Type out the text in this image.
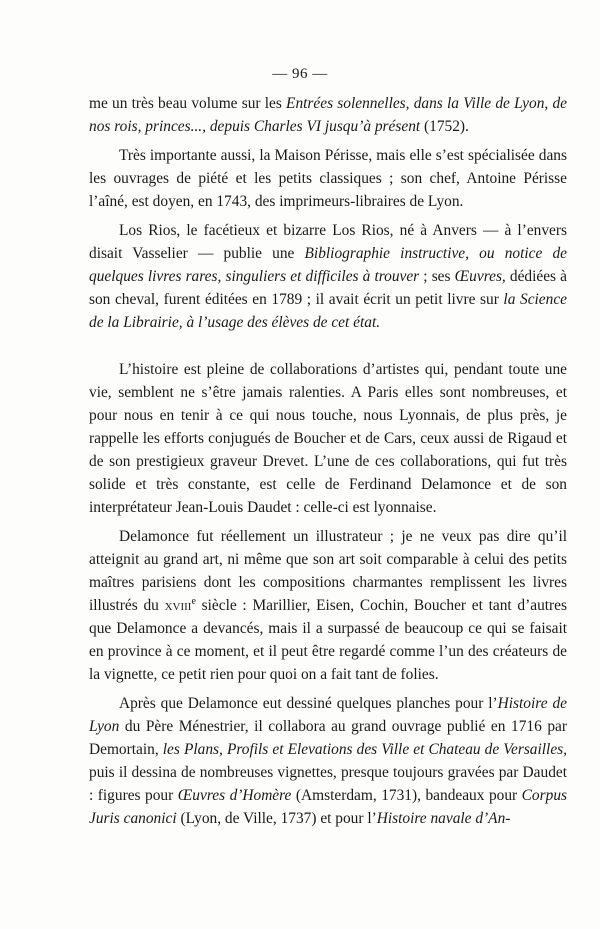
— 96 —

me un très beau volume sur les Entrées solennelles, dans la Ville de Lyon, de nos rois, princes..., depuis Charles VI jusqu’à présent (1752).

Très importante aussi, la Maison Périsse, mais elle s’est spécialisée dans les ouvrages de piété et les petits classiques ; son chef, Antoine Périsse l’aîné, est doyen, en 1743, des imprimeurs-libraires de Lyon.

Los Rios, le facétieux et bizarre Los Rios, né à Anvers — à l’envers disait Vasselier — publie une Bibliographie instructive, ou notice de quelques livres rares, singuliers et difficiles à trouver ; ses Œuvres, dédiées à son cheval, furent éditées en 1789 ; il avait écrit un petit livre sur la Science de la Librairie, à l’usage des élèves de cet état.

L’histoire est pleine de collaborations d’artistes qui, pendant toute une vie, semblent ne s’être jamais ralenties. A Paris elles sont nombreuses, et pour nous en tenir à ce qui nous touche, nous Lyonnais, de plus près, je rappelle les efforts conjugués de Boucher et de Cars, ceux aussi de Rigaud et de son prestigieux graveur Drevet. L’une de ces collaborations, qui fut très solide et très constante, est celle de Ferdinand Delamonce et de son interprétateur Jean-Louis Daudet : celle-ci est lyonnaise.

Delamonce fut réellement un illustrateur ; je ne veux pas dire qu’il atteignit au grand art, ni même que son art soit comparable à celui des petits maîtres parisiens dont les compositions charmantes remplissent les livres illustrés du xviii$^e$ siècle : Marillier, Eisen, Cochin, Boucher et tant d’autres que Delamonce a devancés, mais il a surpassé de beaucoup ce qui se faisait en province à ce moment, et il peut être regardé comme l’un des créateurs de la vignette, ce petit rien pour quoi on a fait tant de folies.

Après que Delamonce eut dessiné quelques planches pour l’Histoire de Lyon du Père Ménestrier, il collabora au grand ouvrage publié en 1716 par Demortain, les Plans, Profils et Elevations des Ville et Chateau de Versailles, puis il dessina de nombreuses vignettes, presque toujours gravées par Daudet : figures pour Œuvres d’Homère (Amsterdam, 1731), bandeaux pour Corpus Juris canonici (Lyon, de Ville, 1737) et pour l’Histoire navale d’An-
